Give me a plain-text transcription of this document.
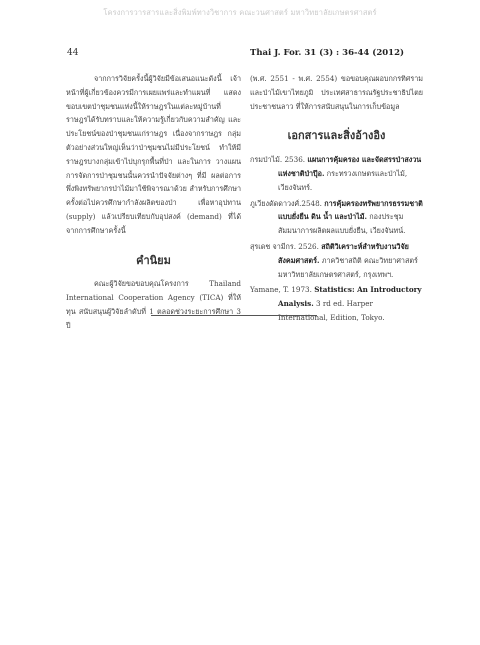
โครงการวารสารและสิ่งพิมพ์ทางวิชาการ คณะวนศาสตร์ มหาวิทยาลัยเกษตรศาสตร์
44	Thai J. For. 31 (3) : 36-44 (2012)

จากการวิจัยครั้งนี้ผู้วิจัยมีข้อเสนอแนะดังนี้ เจ้าหน้าที่ผู้เกี่ยวข้องควรมีการเผยแพร่และทำแผนที่ แสดงขอบเขตป่าชุมชนแห่งนี้ให้ราษฎรในแต่ละหมู่บ้านที่ ราษฎรได้รับทราบและให้ความรู้เกี่ยวกับความสำคัญ และประโยชน์ของป่าชุมชนแก่ราษฎร เนื่องจากราษฎร กลุ่มตัวอย่างส่วนใหญ่เห็นว่าป่าชุมชนไม่มีประโยชน์ ทำให้มีราษฎรบางกลุ่มเข้าไปบุกรุกพื้นที่ป่า และในการ วางแผนการจัดการป่าชุมชนนั้นควรนำปัจจัยต่างๆ ที่มี ผลต่อการพึ่งพิงทรัพยากรป่าไม้มาใช้พิจารณาด้วย สำหรับการศึกษาครั้งต่อไปควรศึกษากำลังผลิตของป่า เพื่อหาอุปทาน (supply) แล้วเปรียบเทียบกับอุปสงค์ (demand) ที่ได้จากการศึกษาครั้งนี้

คำนิยม

คณะผู้วิจัยขอขอบคุณโครงการ Thailand International Cooperation Agency (TICA) ที่ให้ทุน สนับสนุนผู้วิจัยลำดับที่ 1 ตลอดช่วงระยะการศึกษา 3 ปี

(พ.ศ. 2551 - พ.ศ. 2554) ขอขอบคุณผอบกกรทิศราม และป่าไม้เขาไทยภูมิ ประเทศสาธารณรัฐประชาธิปไตย ประชาชนลาว ที่ให้การสนับสนุนในการเก็บข้อมูล

เอกสารและสิ่งอ้างอิง

กรมป่าไม้. 2536. แผนการคุ้มครอง และจัดสรรป่าสงวน แห่งชาติป่าปุ๊อ. กระทรวงเกษตรและป่าไม้, เวียงจันทร์.

ภูเวียงดัดดาวงศ์.2548. การคุ้มครองทรัพยากรธรรมชาติ แบบยั่งยืน ดิน น้ำ และป่าไม้. กองประชุม สัมมนาการผลิตผลแบบยั่งยืน, เวียงจันทน์.

สุรเดช จามีกร. 2526. สถิติวิเคราะห์สำหรับงานวิจัย สังคมศาสตร์. ภาควิชาสถิติ คณะวิทยาศาสตร์ มหาวิทยาลัยเกษตรศาสตร์, กรุงเทพฯ.

Yamane, T. 1973. Statistics: An Introductory Analysis. 3 rd ed. Harper International, Edition, Tokyo.
